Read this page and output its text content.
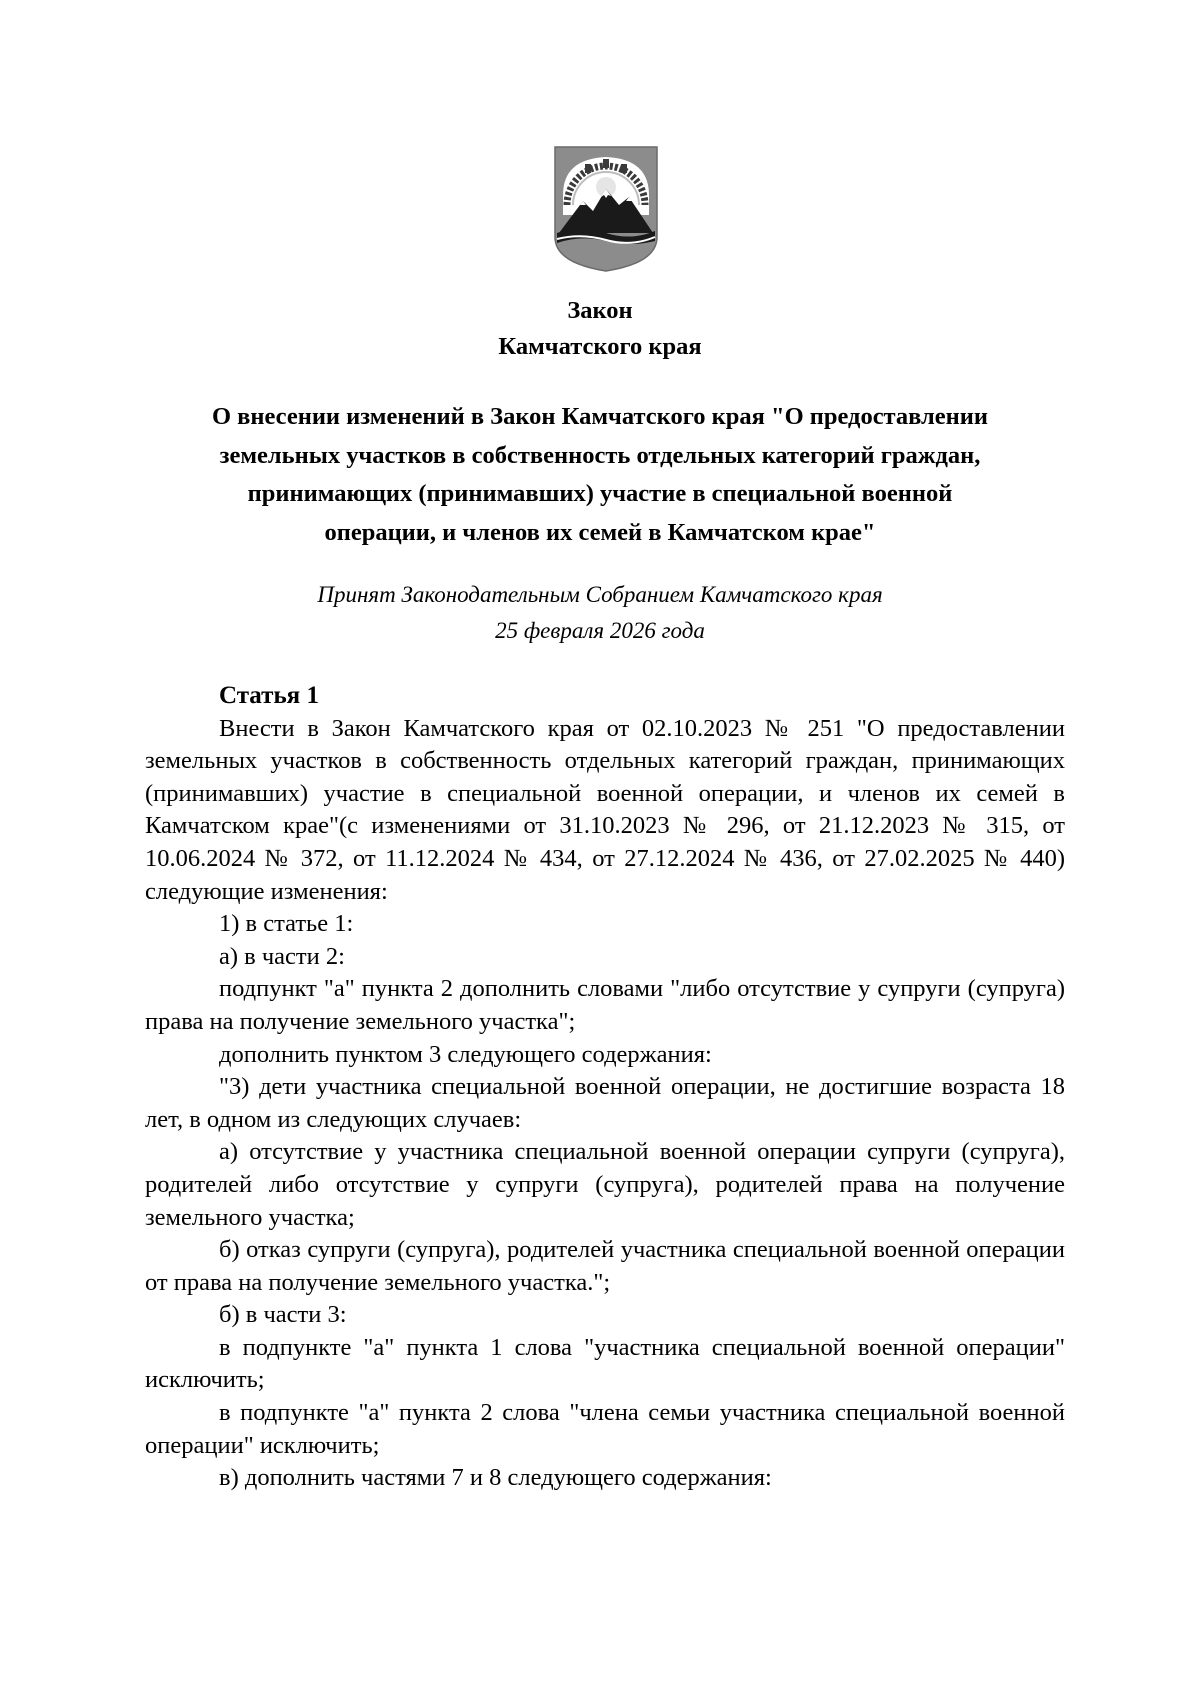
Закон
Камчатского края
О внесении изменений в Закон Камчатского края "О предоставлении
земельных участков в собственность отдельных категорий граждан,
принимающих (принимавших) участие в специальной военной
операции, и членов их семей в Камчатском крае"
Принят Законодательным Собранием Камчатского края
25 февраля 2026 года

Статья 1

Внести в Закон Камчатского края от 02.10.2023 № 251 "О предоставлении земельных участков в собственность отдельных категорий граждан, принимающих (принимавших) участие в специальной военной операции, и членов их семей в Камчатском крае"(с изменениями от 31.10.2023 № 296, от 21.12.2023 № 315, от 10.06.2024 № 372, от 11.12.2024 № 434, от 27.12.2024 № 436, от 27.02.2025 № 440) следующие изменения:

1) в статье 1:

а) в части 2:

подпункт "а" пункта 2 дополнить словами "либо отсутствие у супруги (супруга) права на получение земельного участка";

дополнить пунктом 3 следующего содержания:

"3) дети участника специальной военной операции, не достигшие возраста 18 лет, в одном из следующих случаев:

а) отсутствие у участника специальной военной операции супруги (супруга), родителей либо отсутствие у супруги (супруга), родителей права на получение земельного участка;

б) отказ супруги (супруга), родителей участника специальной военной операции от права на получение земельного участка.";

б) в части 3:

в подпункте "а" пункта 1 слова "участника специальной военной операции" исключить;

в подпункте "а" пункта 2 слова "члена семьи участника специальной военной операции" исключить;

в) дополнить частями 7 и 8 следующего содержания:
